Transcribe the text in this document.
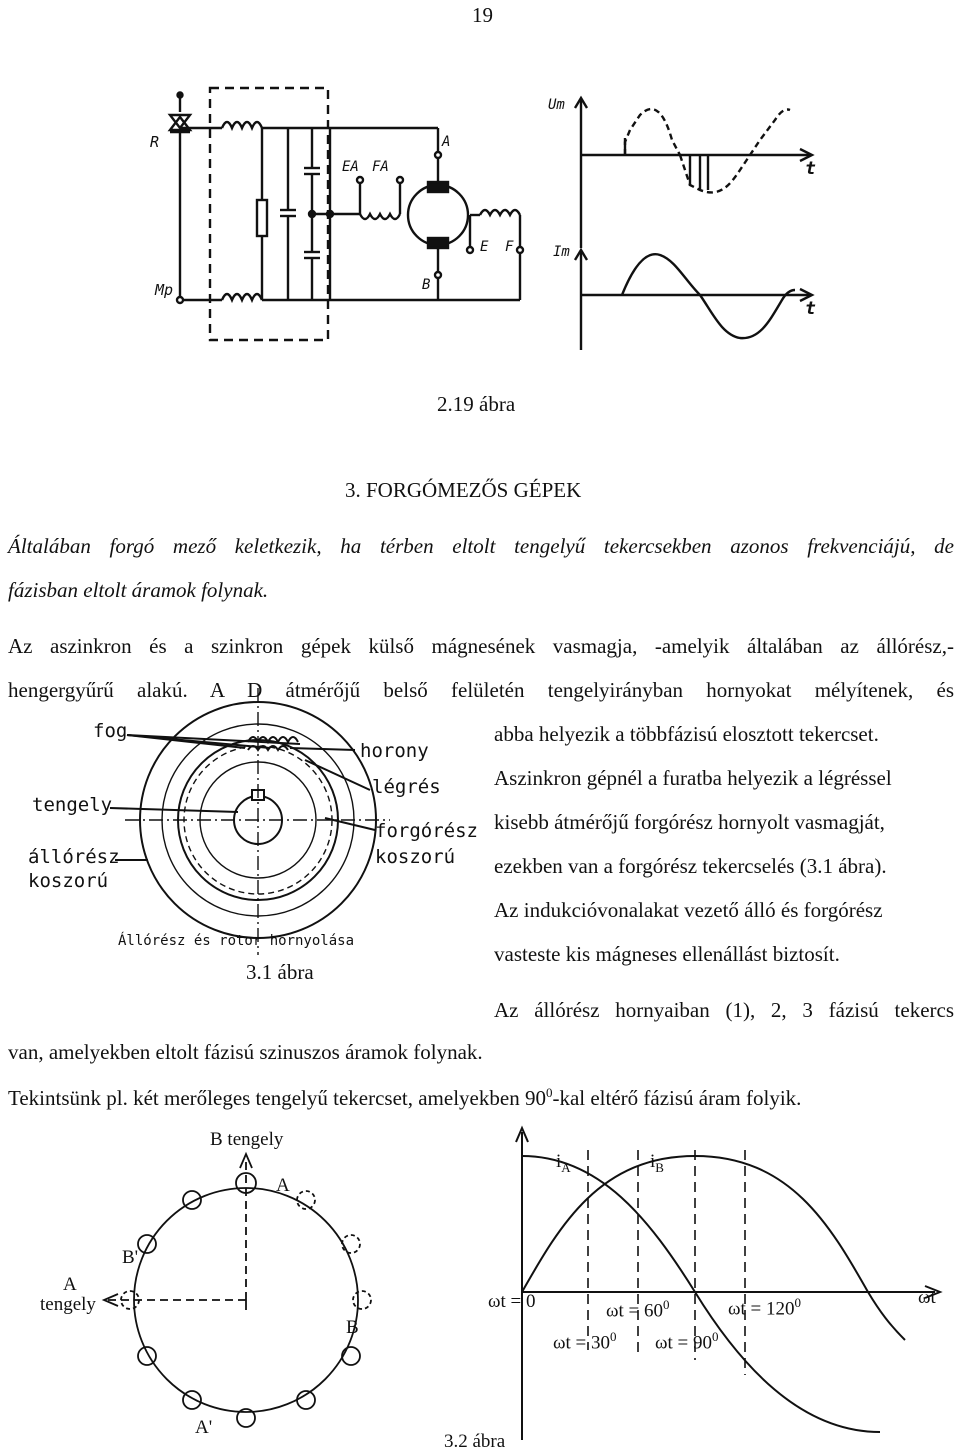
19
R
Mp
EA FA
A
B
E F
Um
Im
t
t
2.19 ábra
3. FORGÓMEZŐS GÉPEK
Általában forgó mező keletkezik, ha térben eltolt tengelyű tekercsekben azonos frekvenciájú, de
fázisban eltolt áramok folynak.
Az aszinkron és a szinkron gépek külső mágnesének vasmagja, -amelyik általában az állórész,-
hengergyűrű alakú. A D átmérőjű belső felületén tengelyirányban hornyokat mélyítenek, és
abba helyezik a többfázisú elosztott tekercset.
Aszinkron gépnél a furatba helyezik a légréssel
kisebb átmérőjű forgórész hornyolt vasmagját,
ezekben van a forgórész tekercselés (3.1 ábra).
Az indukcióvonalakat vezető álló és forgórész
vasteste kis mágneses ellenállást biztosít.
Az állórész hornyaiban (1), 2, 3 fázisú tekercs
fog
horony
légrés
tengely
forgórész
koszorú
állórész
koszorú
Állórész és rotor hornyolása
3.1 ábra
van, amelyekben eltolt fázisú szinuszos áramok folynak.
Tekintsünk pl. két merőleges tengelyű tekercset, amelyekben $90^0$-kal eltérő fázisú áram folyik.
B tengely
A
B'
A
tengely
B
A'
$i_A$	$i_B$
ωt = 0	$\omega t = 60^0$	$\omega t = 120^0$	ωt
$\omega t = 30^0$ $\omega t = 90^0$
3.2 ábra
